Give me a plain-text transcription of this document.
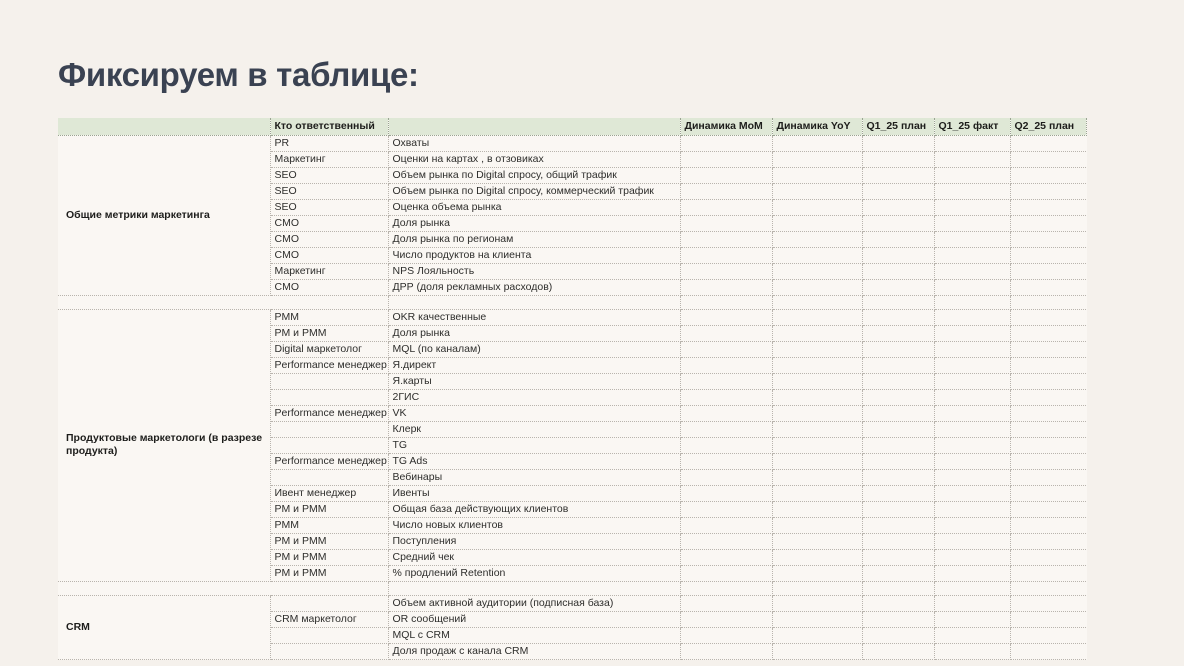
Фиксируем в таблице:
	Кто ответственный		Динамика MoM	Динамика YoY	Q1_25 план	Q1_25 факт	Q2_25 план
Общие метрики маркетинга	PR	Охваты					
	Маркетинг	Оценки на картах , в отзовиках					
	SEO	Объем рынка по Digital спросу, общий трафик					
	SEO	Объем рынка по Digital спросу, коммерческий трафик					
	SEO	Оценка объема рынка					
	CMO	Доля рынка					
	CMO	Доля рынка по регионам					
	CMO	Число продуктов на клиента					
	Маркетинг	NPS Лояльность					
	CMO	ДРР (доля рекламных расходов)					

Продуктовые маркетологи (в разрезе продукта)	PMM	OKR качественные					
	PM и PMM	Доля рынка					
	Digital маркетолог	MQL (по каналам)					
	Performance менеджер	Я.директ					
		Я.карты					
		2ГИС					
	Performance менеджер	VK					
		Клерк					
		TG					
	Performance менеджер	TG Ads					
		Вебинары					
	Ивент менеджер	Ивенты					
	PM и PMM	Общая база действующих клиентов					
	PMM	Число новых клиентов					
	PM и PMM	Поступления					
	PM и PMM	Средний чек					
	PM и PMM	% продлений Retention					

CRM		Объем активной аудитории (подписная база)					
	CRM маркетолог	OR сообщений					
		MQL с CRM					
		Доля продаж с канала CRM					
